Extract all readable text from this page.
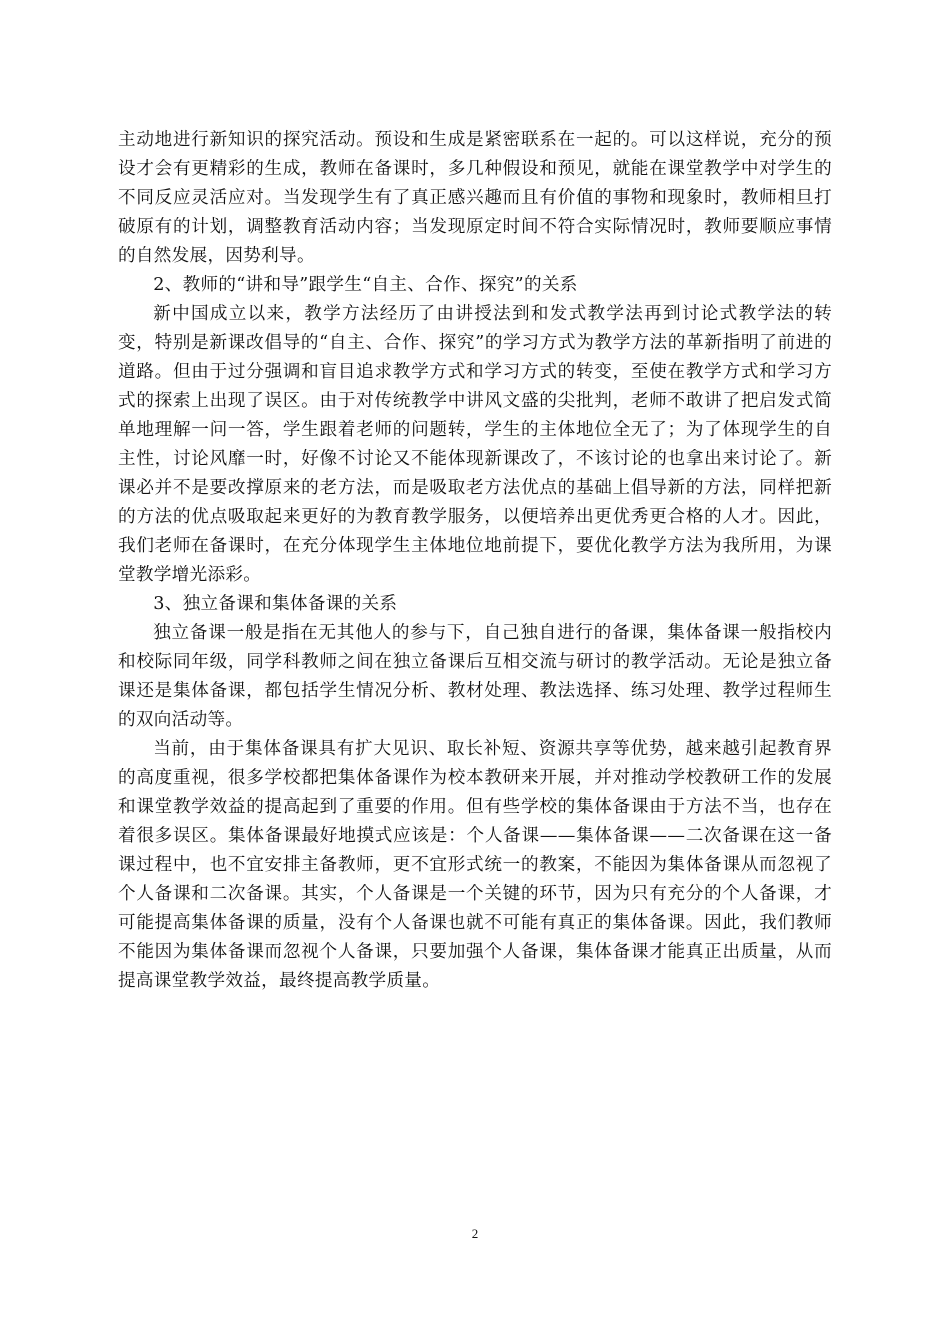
主动地进行新知识的探究活动。预设和生成是紧密联系在一起的。可以这样说，充分的预设才会有更精彩的生成，教师在备课时，多几种假设和预见，就能在课堂教学中对学生的不同反应灵活应对。当发现学生有了真正感兴趣而且有价值的事物和现象时，教师相旦打破原有的计划，调整教育活动内容；当发现原定时间不符合实际情况时，教师要顺应事情的自然发展，因势利导。

2、教师的“讲和导”跟学生“自主、合作、探究”的关系

新中国成立以来，教学方法经历了由讲授法到和发式教学法再到讨论式教学法的转变，特别是新课改倡导的“自主、合作、探究”的学习方式为教学方法的革新指明了前进的道路。但由于过分强调和盲目追求教学方式和学习方式的转变，至使在教学方式和学习方式的探索上出现了误区。由于对传统教学中讲风文盛的尖批判，老师不敢讲了把启发式简单地理解一问一答，学生跟着老师的问题转，学生的主体地位全无了；为了体现学生的自主性，讨论风靡一时，好像不讨论又不能体现新课改了，不该讨论的也拿出来讨论了。新课必并不是要改撑原来的老方法，而是吸取老方法优点的基础上倡导新的方法，同样把新的方法的优点吸取起来更好的为教育教学服务，以便培养出更优秀更合格的人才。因此，我们老师在备课时，在充分体现学生主体地位地前提下，要优化教学方法为我所用，为课堂教学增光添彩。

3、独立备课和集体备课的关系

独立备课一般是指在无其他人的参与下，自己独自进行的备课，集体备课一般指校内和校际同年级，同学科教师之间在独立备课后互相交流与研讨的教学活动。无论是独立备课还是集体备课，都包括学生情况分析、教材处理、教法选择、练习处理、教学过程师生的双向活动等。

当前，由于集体备课具有扩大见识、取长补短、资源共享等优势，越来越引起教育界的高度重视，很多学校都把集体备课作为校本教研来开展，并对推动学校教研工作的发展和课堂教学效益的提高起到了重要的作用。但有些学校的集体备课由于方法不当，也存在着很多误区。集体备课最好地摸式应该是：个人备课——集体备课——二次备课在这一备课过程中，也不宜安排主备教师，更不宜形式统一的教案，不能因为集体备课从而忽视了个人备课和二次备课。其实，个人备课是一个关键的环节，因为只有充分的个人备课，才可能提高集体备课的质量，没有个人备课也就不可能有真正的集体备课。因此，我们教师不能因为集体备课而忽视个人备课，只要加强个人备课，集体备课才能真正出质量，从而提高课堂教学效益，最终提高教学质量。

2
